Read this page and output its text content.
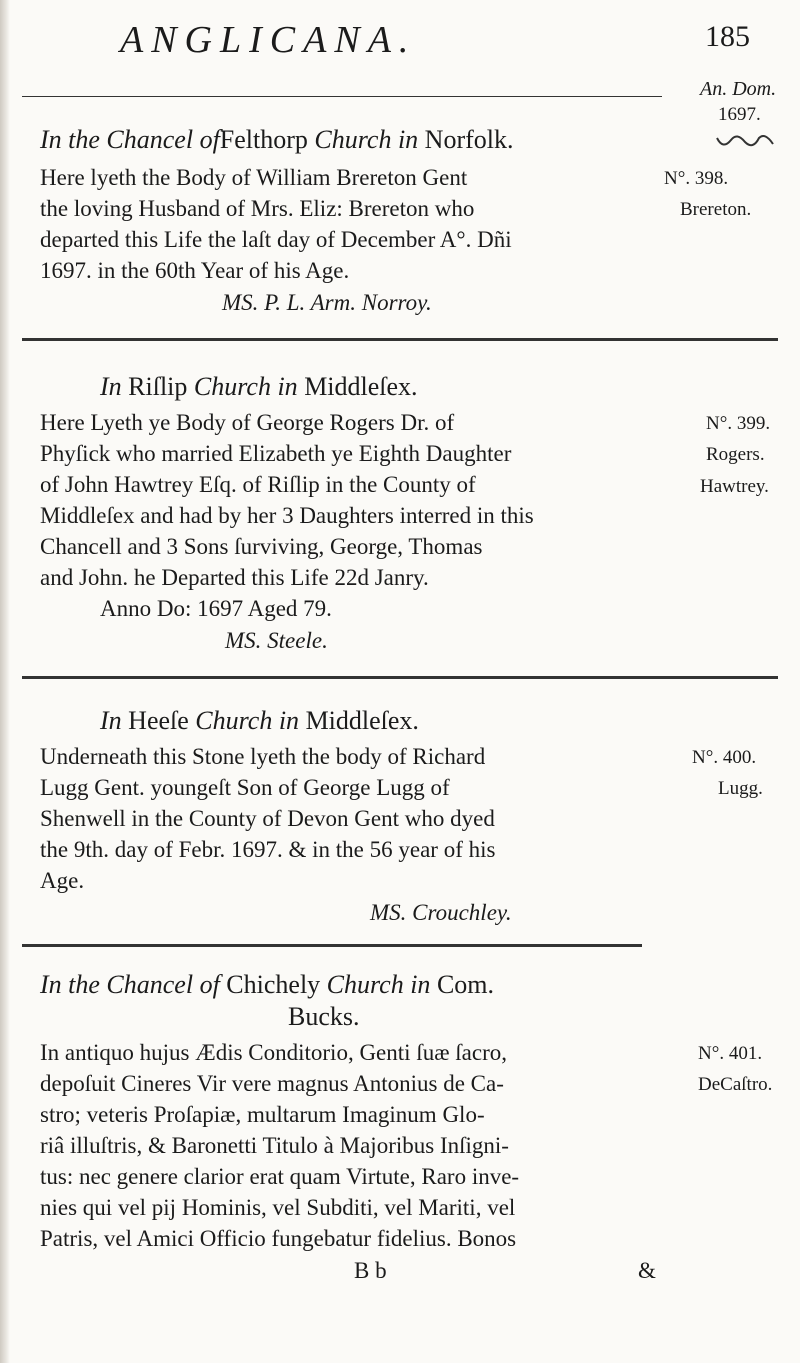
ANGLICANA.	185
An. Dom.
1697.
In the Chancel ofFelthorp Church in Norfolk.
Here lyeth the Body of William Brereton Gent	N°. 398.
the loving Husband of Mrs. Eliz: Brereton who	Brereton.
departed this Life the laſt day of December A°. Dñi
1697. in the 60th Year of his Age.
MS. P. L. Arm. Norroy.
In Riſlip Church in Middleſex.
Here Lyeth ye Body of George Rogers Dr. of	N°. 399.
Phyſick who married Elizabeth ye Eighth Daughter	Rogers.
of John Hawtrey Eſq. of Riſlip in the County of	Hawtrey.
Middleſex and had by her 3 Daughters interred in this
Chancell and 3 Sons ſurviving, George, Thomas
and John. he Departed this Life 22d Janry.
Anno Do: 1697 Aged 79.
MS. Steele.
In Heeſe Church in Middleſex.
Underneath this Stone lyeth the body of Richard	N°. 400.
Lugg Gent. youngeſt Son of George Lugg of	Lugg.
Shenwell in the County of Devon Gent who dyed
the 9th. day of Febr. 1697. & in the 56 year of his
Age.
MS. Crouchley.
In the Chancel of Chichely Church in Com.
Bucks.
In antiquo hujus Ædis Conditorio, Genti ſuæ ſacro,	N°. 401.
depoſuit Cineres Vir vere magnus Antonius de Ca-	DeCaſtro.
stro; veteris Proſapiæ, multarum Imaginum Glo-
riâ illuſtris, & Baronetti Titulo à Majoribus Inſigni-
tus: nec genere clarior erat quam Virtute, Raro inve-
nies qui vel pij Hominis, vel Subditi, vel Mariti, vel
Patris, vel Amici Officio fungebatur fidelius. Bonos
B b	&
